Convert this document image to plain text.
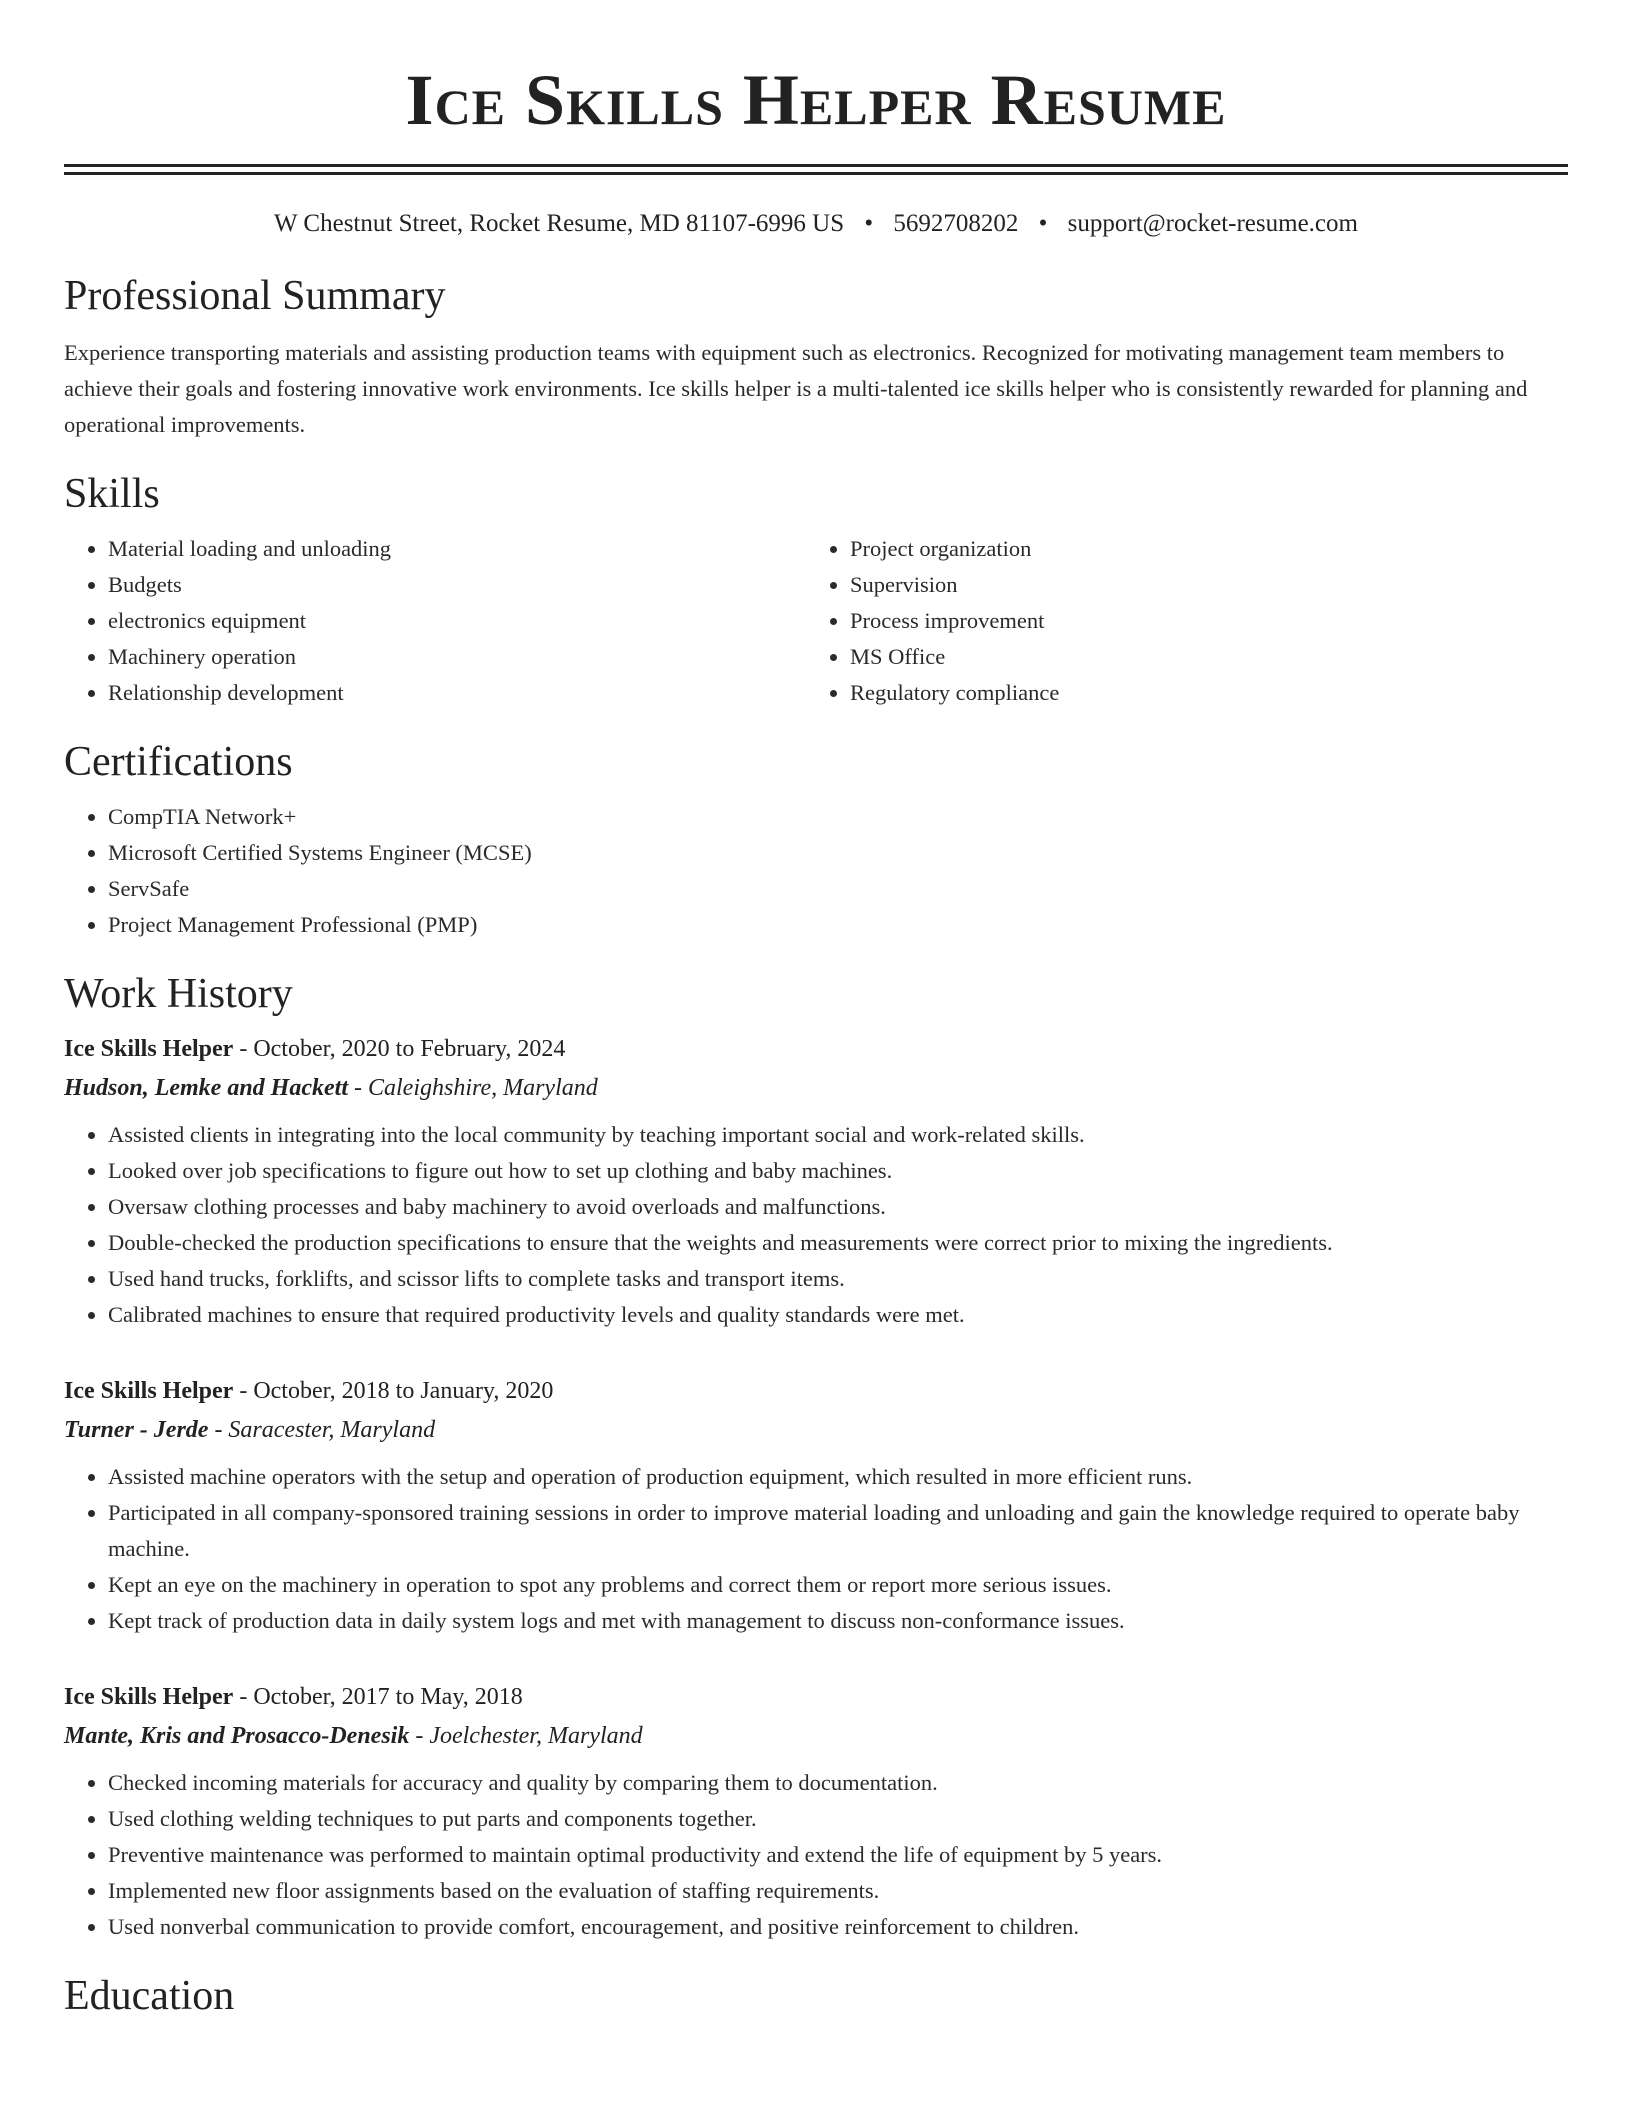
Ice Skills Helper Resume
W Chestnut Street, Rocket Resume, MD 81107-6996 US • 5692708202 • support@rocket-resume.com
Professional Summary

Experience transporting materials and assisting production teams with equipment such as electronics. Recognized for motivating management team members to achieve their goals and fostering innovative work environments. Ice skills helper is a multi-talented ice skills helper who is consistently rewarded for planning and operational improvements.

Skills
• Material loading and unloading
• Budgets
• electronics equipment
• Machinery operation
• Relationship development
• Project organization
• Supervision
• Process improvement
• MS Office
• Regulatory compliance
Certifications
• CompTIA Network+
• Microsoft Certified Systems Engineer (MCSE)
• ServSafe
• Project Management Professional (PMP)
Work History
Ice Skills Helper - October, 2020 to February, 2024
Hudson, Lemke and Hackett - Caleighshire, Maryland
• Assisted clients in integrating into the local community by teaching important social and work-related skills.
• Looked over job specifications to figure out how to set up clothing and baby machines.
• Oversaw clothing processes and baby machinery to avoid overloads and malfunctions.
• Double-checked the production specifications to ensure that the weights and measurements were correct prior to mixing the ingredients.
• Used hand trucks, forklifts, and scissor lifts to complete tasks and transport items.
• Calibrated machines to ensure that required productivity levels and quality standards were met.
Ice Skills Helper - October, 2018 to January, 2020
Turner - Jerde - Saracester, Maryland
• Assisted machine operators with the setup and operation of production equipment, which resulted in more efficient runs.
• Participated in all company-sponsored training sessions in order to improve material loading and unloading and gain the knowledge required to operate baby machine.
• Kept an eye on the machinery in operation to spot any problems and correct them or report more serious issues.
• Kept track of production data in daily system logs and met with management to discuss non-conformance issues.
Ice Skills Helper - October, 2017 to May, 2018
Mante, Kris and Prosacco-Denesik - Joelchester, Maryland
• Checked incoming materials for accuracy and quality by comparing them to documentation.
• Used clothing welding techniques to put parts and components together.
• Preventive maintenance was performed to maintain optimal productivity and extend the life of equipment by 5 years.
• Implemented new floor assignments based on the evaluation of staffing requirements.
• Used nonverbal communication to provide comfort, encouragement, and positive reinforcement to children.
Education
